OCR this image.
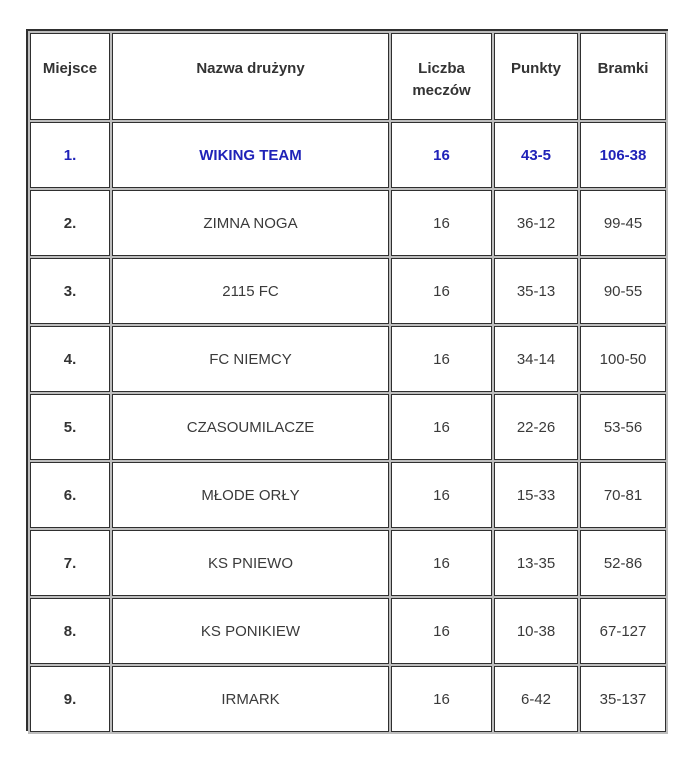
Miejsce	Nazwa drużyny	Liczba meczów	Punkty	Bramki
1.	WIKING TEAM	16	43-5	106-38
2.	ZIMNA NOGA	16	36-12	99-45
3.	2115 FC	16	35-13	90-55
4.	FC NIEMCY	16	34-14	100-50
5.	CZASOUMILACZE	16	22-26	53-56
6.	MŁODE ORŁY	16	15-33	70-81
7.	KS PNIEWO	16	13-35	52-86
8.	KS PONIKIEW	16	10-38	67-127
9.	IRMARK	16	6-42	35-137
